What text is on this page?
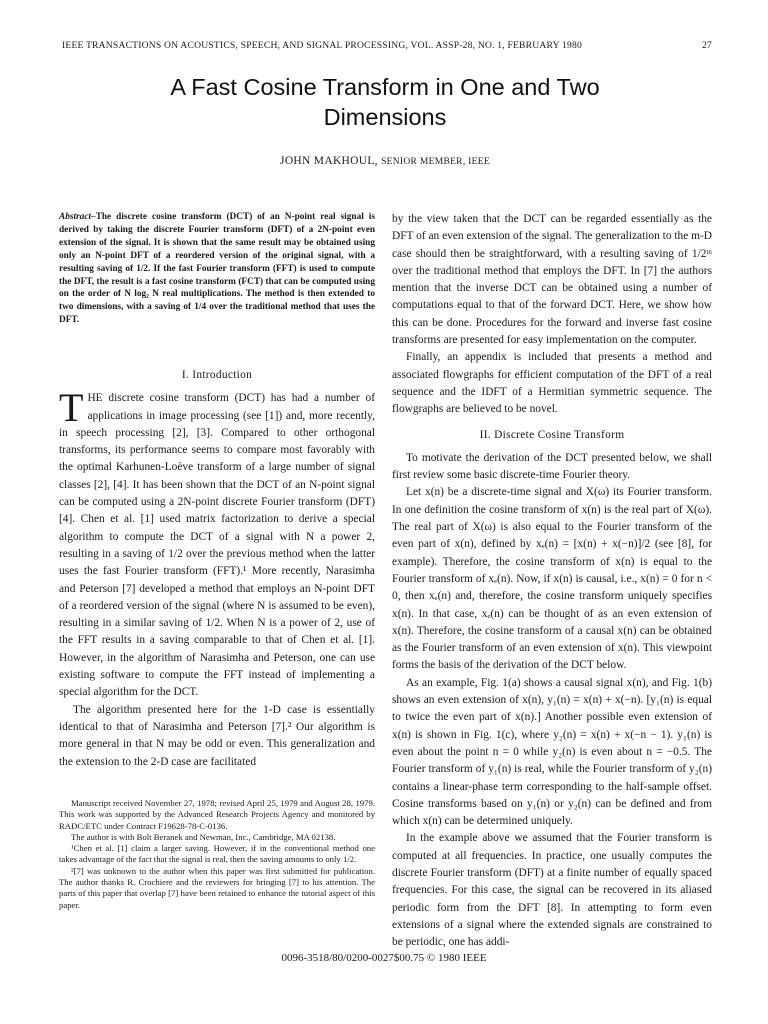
IEEE TRANSACTIONS ON ACOUSTICS, SPEECH, AND SIGNAL PROCESSING, VOL. ASSP-28, NO. 1, FEBRUARY 1980	27
A Fast Cosine Transform in One and Two
Dimensions
JOHN MAKHOUL, SENIOR MEMBER, IEEE
Abstract–The discrete cosine transform (DCT) of an N-point real signal is derived by taking the discrete Fourier transform (DFT) of a 2N-point even extension of the signal. It is shown that the same result may be obtained using only an N-point DFT of a reordered version of the original signal, with a resulting saving of 1/2. If the fast Fourier transform (FFT) is used to compute the DFT, the result is a fast cosine transform (FCT) that can be computed using on the order of N log₂ N real multiplications. The method is then extended to two dimensions, with a saving of 1/4 over the traditional method that uses the DFT.
I. Introduction

THE discrete cosine transform (DCT) has had a number of applications in image processing (see [1]) and, more recently, in speech processing [2], [3]. Compared to other orthogonal transforms, its performance seems to compare most favorably with the optimal Karhunen-Loève transform of a large number of signal classes [2], [4]. It has been shown that the DCT of an N-point signal can be computed using a 2N-point discrete Fourier transform (DFT) [4]. Chen et al. [1] used matrix factorization to derive a special algorithm to compute the DCT of a signal with N a power 2, resulting in a saving of 1/2 over the previous method when the latter uses the fast Fourier transform (FFT).¹ More recently, Narasimha and Peterson [7] developed a method that employs an N-point DFT of a reordered version of the signal (where N is assumed to be even), resulting in a similar saving of 1/2. When N is a power of 2, use of the FFT results in a saving comparable to that of Chen et al. [1]. However, in the algorithm of Narasimha and Peterson, one can use existing software to compute the FFT instead of implementing a special algorithm for the DCT.

The algorithm presented here for the 1-D case is essentially identical to that of Narasimha and Peterson [7].² Our algorithm is more general in that N may be odd or even. This generalization and the extension to the 2-D case are facilitated

Manuscript received November 27, 1978; revised April 25, 1979 and August 28, 1979. This work was supported by the Advanced Research Projects Agency and monitored by RADC/ETC under Contract F19628-78-C-0136.

The author is with Bolt Beranek and Newman, Inc., Cambridge, MA 02138.

¹Chen et al. [1] claim a larger saving. However, if in the conventional method one takes advantage of the fact that the signal is real, then the saving amounts to only 1/2.

²[7] was unknown to the author when this paper was first submitted for publication. The author thanks R. Crochiere and the reviewers for bringing [7] to his attention. The parts of this paper that overlap [7] have been retained to enhance the tutorial aspect of this paper.

by the view taken that the DCT can be regarded essentially as the DFT of an even extension of the signal. The generalization to the m-D case should then be straightforward, with a resulting saving of 1/2ᵐ over the traditional method that employs the DFT. In [7] the authors mention that the inverse DCT can be obtained using a number of computations equal to that of the forward DCT. Here, we show how this can be done. Procedures for the forward and inverse fast cosine transforms are presented for easy implementation on the computer.

Finally, an appendix is included that presents a method and associated flowgraphs for efficient computation of the DFT of a real sequence and the IDFT of a Hermitian symmetric sequence. The flowgraphs are believed to be novel.

II. Discrete Cosine Transform

To motivate the derivation of the DCT presented below, we shall first review some basic discrete-time Fourier theory.

Let x(n) be a discrete-time signal and X(ω) its Fourier transform. In one definition the cosine transform of x(n) is the real part of X(ω). The real part of X(ω) is also equal to the Fourier transform of the even part of x(n), defined by xₑ(n) = [x(n) + x(−n)]/2 (see [8], for example). Therefore, the cosine transform of x(n) is equal to the Fourier transform of xₑ(n). Now, if x(n) is causal, i.e., x(n) = 0 for n < 0, then xₑ(n) and, therefore, the cosine transform uniquely specifies x(n). In that case, xₑ(n) can be thought of as an even extension of x(n). Therefore, the cosine transform of a causal x(n) can be obtained as the Fourier transform of an even extension of x(n). This viewpoint forms the basis of the derivation of the DCT below.

As an example, Fig. 1(a) shows a causal signal x(n), and Fig. 1(b) shows an even extension of x(n), y₁(n) = x(n) + x(−n). [y₁(n) is equal to twice the even part of x(n).] Another possible even extension of x(n) is shown in Fig. 1(c), where y₂(n) = x(n) + x(−n − 1). y₁(n) is even about the point n = 0 while y₂(n) is even about n = −0.5. The Fourier transform of y₁(n) is real, while the Fourier transform of y₂(n) contains a linear-phase term corresponding to the half-sample offset. Cosine transforms based on y₁(n) or y₂(n) can be defined and from which x(n) can be determined uniquely.

In the example above we assumed that the Fourier transform is computed at all frequencies. In practice, one usually computes the discrete Fourier transform (DFT) at a finite number of equally spaced frequencies. For this case, the signal can be recovered in its aliased periodic form from the DFT [8]. In attempting to form even extensions of a signal where the extended signals are constrained to be periodic, one has addi-

0096-3518/80/0200-0027$00.75 © 1980 IEEE
